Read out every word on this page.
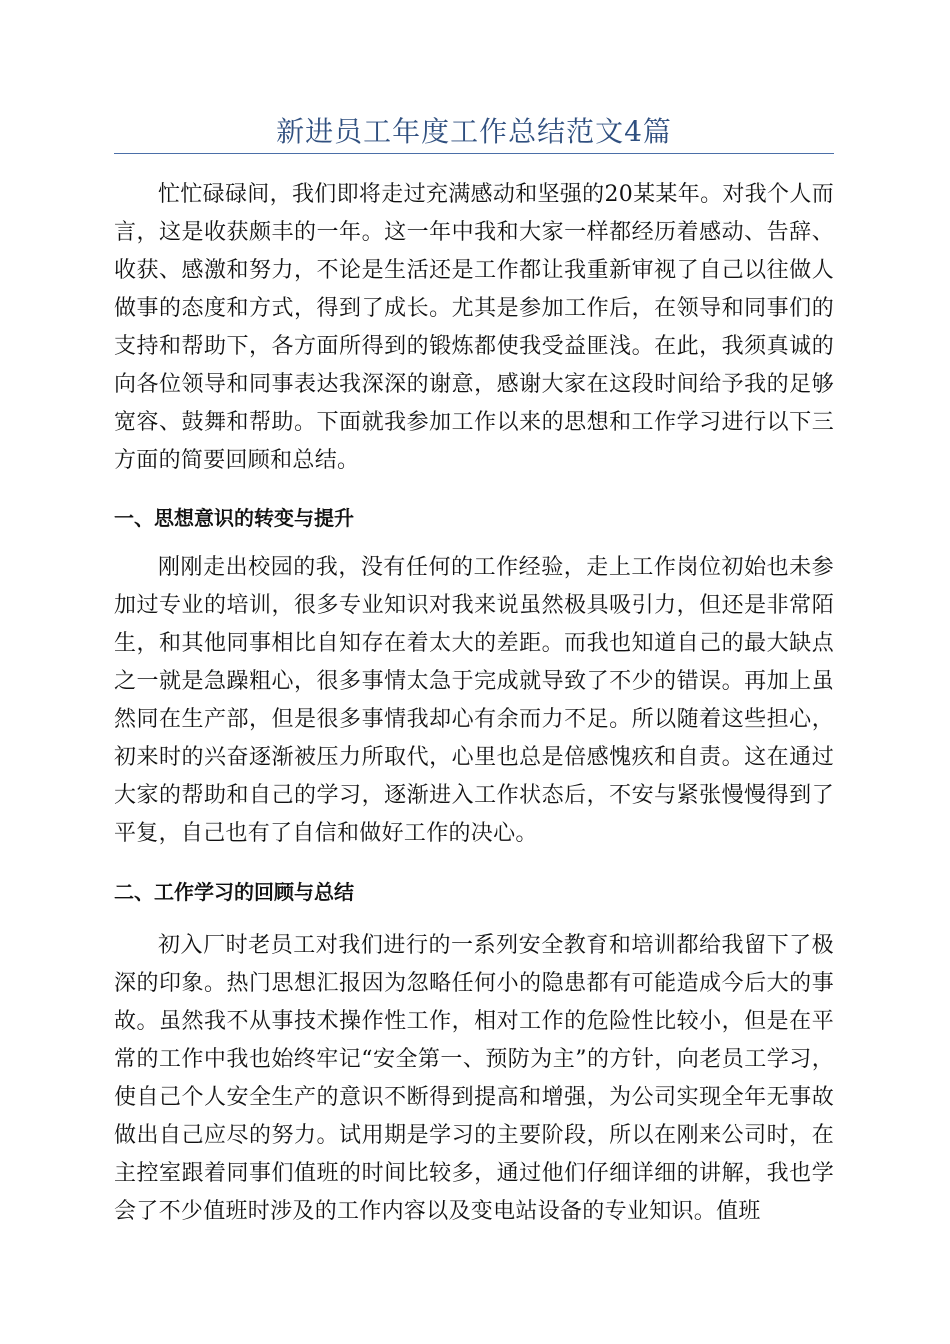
新进员工年度工作总结范文4篇

忙忙碌碌间，我们即将走过充满感动和坚强的20某某年。对我个人而言，这是收获颇丰的一年。这一年中我和大家一样都经历着感动、告辞、收获、感激和努力，不论是生活还是工作都让我重新审视了自己以往做人做事的态度和方式，得到了成长。尤其是参加工作后，在领导和同事们的支持和帮助下，各方面所得到的锻炼都使我受益匪浅。在此，我须真诚的向各位领导和同事表达我深深的谢意，感谢大家在这段时间给予我的足够宽容、鼓舞和帮助。下面就我参加工作以来的思想和工作学习进行以下三方面的简要回顾和总结。

一、思想意识的转变与提升

刚刚走出校园的我，没有任何的工作经验，走上工作岗位初始也未参加过专业的培训，很多专业知识对我来说虽然极具吸引力，但还是非常陌生，和其他同事相比自知存在着太大的差距。而我也知道自己的最大缺点之一就是急躁粗心，很多事情太急于完成就导致了不少的错误。再加上虽然同在生产部，但是很多事情我却心有余而力不足。所以随着这些担心，初来时的兴奋逐渐被压力所取代，心里也总是倍感愧疚和自责。这在通过大家的帮助和自己的学习，逐渐进入工作状态后，不安与紧张慢慢得到了平复，自己也有了自信和做好工作的决心。

二、工作学习的回顾与总结

初入厂时老员工对我们进行的一系列安全教育和培训都给我留下了极深的印象。热门思想汇报因为忽略任何小的隐患都有可能造成今后大的事故。虽然我不从事技术操作性工作，相对工作的危险性比较小，但是在平常的工作中我也始终牢记“安全第一、预防为主”的方针，向老员工学习，使自己个人安全生产的意识不断得到提高和增强，为公司实现全年无事故做出自己应尽的努力。试用期是学习的主要阶段，所以在刚来公司时，在主控室跟着同事们值班的时间比较多，通过他们仔细详细的讲解，我也学会了不少值班时涉及的工作内容以及变电站设备的专业知识。值班
